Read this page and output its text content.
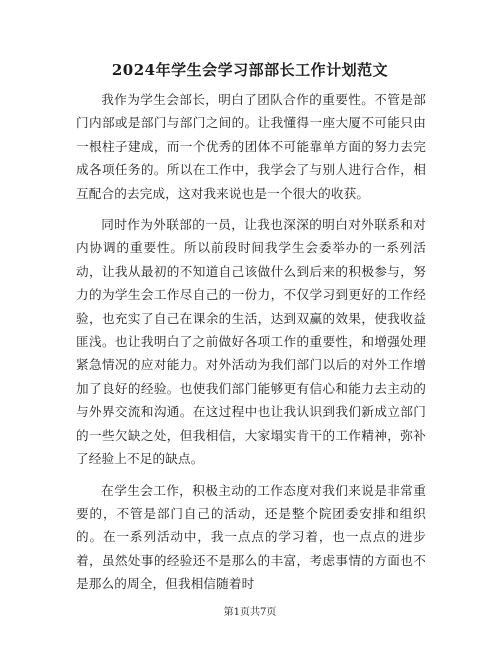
2024年学生会学习部部长工作计划范文

我作为学生会部长，明白了团队合作的重要性。不管是部门内部或是部门与部门之间的。让我懂得一座大厦不可能只由一根柱子建成，而一个优秀的团体不可能靠单方面的努力去完成各项任务的。所以在工作中，我学会了与别人进行合作，相互配合的去完成，这对我来说也是一个很大的收获。

同时作为外联部的一员，让我也深深的明白对外联系和对内协调的重要性。所以前段时间我学生会委举办的一系列活动，让我从最初的不知道自己该做什么到后来的积极参与，努力的为学生会工作尽自己的一份力，不仅学习到更好的工作经验，也充实了自己在课余的生活，达到双赢的效果，使我收益匪浅。也让我明白了之前做好各项工作的重要性，和增强处理紧急情况的应对能力。对外活动为我们部门以后的对外工作增加了良好的经验。也使我们部门能够更有信心和能力去主动的与外界交流和沟通。在这过程中也让我认识到我们新成立部门的一些欠缺之处，但我相信，大家塌实肯干的工作精神，弥补了经验上不足的缺点。

在学生会工作，积极主动的工作态度对我们来说是非常重要的，不管是部门自己的活动，还是整个院团委安排和组织的。在一系列活动中，我一点点的学习着，也一点点的进步着，虽然处事的经验还不是那么的丰富，考虑事情的方面也不是那么的周全，但我相信随着时

第1页共7页
